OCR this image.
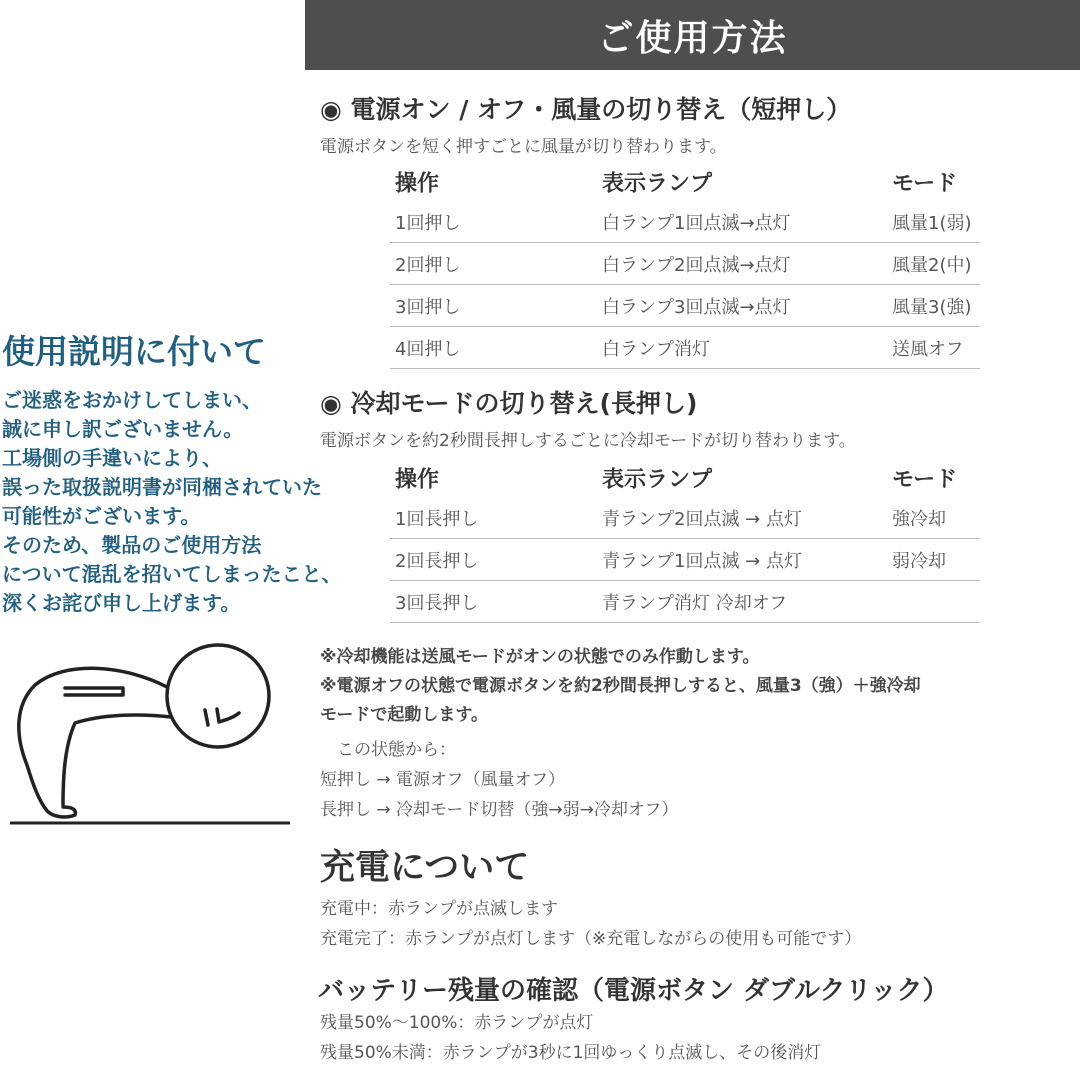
ご使用方法
◉ 電源オン / オフ・風量の切り替え（短押し）
電源ボタンを短く押すごとに風量が切り替わります。
操作	表示ランプ	モード
1回押し	白ランプ1回点滅→点灯	風量1(弱)
2回押し	白ランプ2回点滅→点灯	風量2(中)
3回押し	白ランプ3回点滅→点灯	風量3(強)
4回押し	白ランプ消灯	送風オフ
◉ 冷却モードの切り替え(長押し)
電源ボタンを約2秒間長押しするごとに冷却モードが切り替わります。
操作	表示ランプ	モード
1回長押し	青ランプ2回点滅 → 点灯	強冷却
2回長押し	青ランプ1回点滅 → 点灯	弱冷却
3回長押し	青ランプ消灯 冷却オフ
※冷却機能は送風モードがオンの状態でのみ作動します。
※電源オフの状態で電源ボタンを約2秒間長押しすると、風量3（強）＋強冷却
モードで起動します。
　この状態から：
短押し → 電源オフ（風量オフ）
長押し → 冷却モード切替（強→弱→冷却オフ）
充電について
充電中：赤ランプが点滅します
充電完了：赤ランプが点灯します（※充電しながらの使用も可能です）
バッテリー残量の確認（電源ボタン ダブルクリック）
残量50%〜100%：赤ランプが点灯
残量50%未満：赤ランプが3秒に1回ゆっくり点滅し、その後消灯
使用説明に付いて
ご迷惑をおかけしてしまい、
誠に申し訳ございません。
工場側の手違いにより、
誤った取扱説明書が同梱されていた
可能性がございます。
そのため、製品のご使用方法
について混乱を招いてしまったこと、
深くお詫び申し上げます。
